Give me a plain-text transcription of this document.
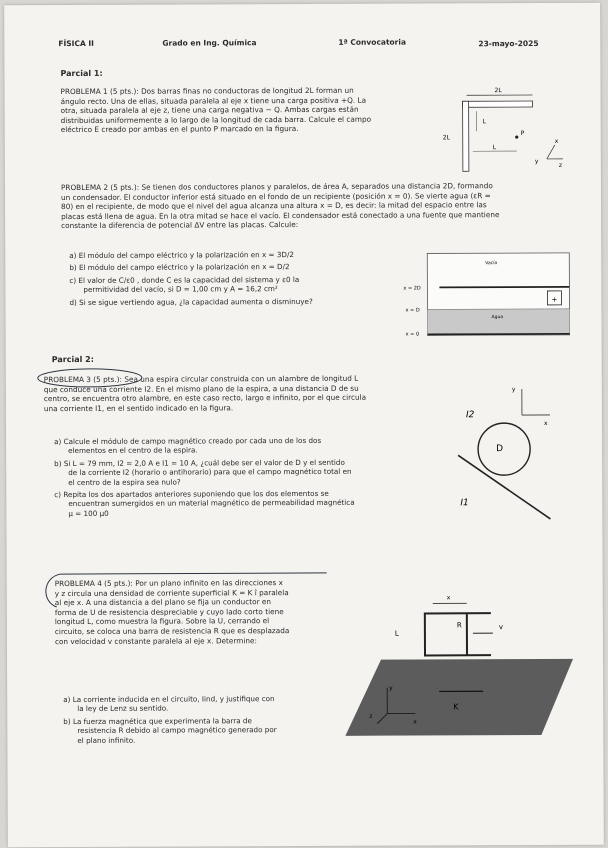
FÍSICA II	Grado en Ing. Química	1ª Convocatoria	23-mayo-2025
Parcial 1:
PROBLEMA 1 (5 pts.): Dos barras finas no conductoras de longitud 2L forman un
ángulo recto. Una de ellas, situada paralela al eje x tiene una carga positiva +Q. La
otra, situada paralela al eje z, tiene una carga negativa − Q. Ambas cargas están
distribuidas uniformemente a lo largo de la longitud de cada barra. Calcule el campo
eléctrico E creado por ambas en el punto P marcado en la figura.
2L
L
2L
L
P
x
y
z
PROBLEMA 2 (5 pts.): Se tienen dos conductores planos y paralelos, de área A, separados una distancia 2D, formando
un condensador. El conductor inferior está situado en el fondo de un recipiente (posición x = 0). Se vierte agua (εR =
80) en el recipiente, de modo que el nivel del agua alcanza una altura x = D, es decir: la mitad del espacio entre las
placas está llena de agua. En la otra mitad se hace el vacío. El condensador está conectado a una fuente que mantiene
constante la diferencia de potencial ΔV entre las placas. Calcule:
a) El módulo del campo eléctrico y la polarización en x = 3D/2
b) El módulo del campo eléctrico y la polarización en x = D/2
c) El valor de C/ε0 , donde C es la capacidad del sistema y ε0 la
permitividad del vacío, si D = 1,00 cm y A = 16,2 cm²
d) Si se sigue vertiendo agua, ¿la capacidad aumenta o disminuye?
Vacío
Agua
+
x = 2D
x = D
x = 0
Parcial 2:
PROBLEMA 3 (5 pts.): Sea una espira circular construida con un alambre de longitud L
que conduce una corriente I2. En el mismo plano de la espira, a una distancia D de su
centro, se encuentra otro alambre, en este caso recto, largo e infinito, por el que circula
una corriente I1, en el sentido indicado en la figura.
a) Calcule el módulo de campo magnético creado por cada uno de los dos
elementos en el centro de la espira.
b) Si L = 79 mm, I2 = 2,0 A e I1 = 10 A, ¿cuál debe ser el valor de D y el sentido
de la corriente I2 (horario o antihorario) para que el campo magnético total en
el centro de la espira sea nulo?
c) Repita los dos apartados anteriores suponiendo que los dos elementos se
encuentran sumergidos en un material magnético de permeabilidad magnética
μ = 100 μ0
y
x
I2
D
I1
PROBLEMA 4 (5 pts.): Por un plano infinito en las direcciones x
y z circula una densidad de corriente superficial K = K î paralela
al eje x. A una distancia a del plano se fija un conductor en
forma de U de resistencia despreciable y cuyo lado corto tiene
longitud L, como muestra la figura. Sobre la U, cerrando el
circuito, se coloca una barra de resistencia R que es desplazada
con velocidad v constante paralela al eje x. Determine:
a) La corriente inducida en el circuito, Iind, y justifique con
la ley de Lenz su sentido.
b) La fuerza magnética que experimenta la barra de
resistencia R debido al campo magnético generado por
el plano infinito.
x
L
R	v
K
y
x
z
